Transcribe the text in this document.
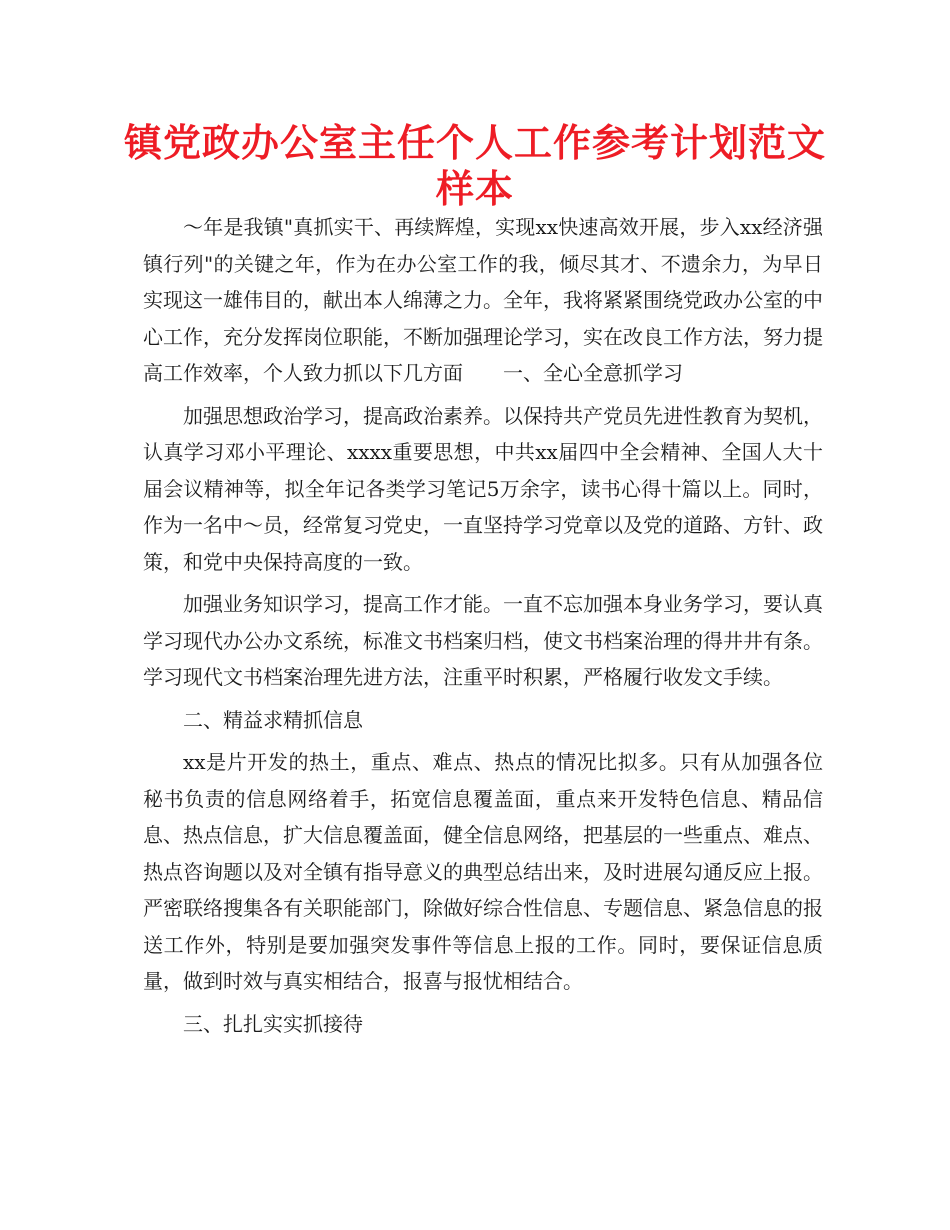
镇党政办公室主任个人工作参考计划范文样本

～年是我镇"真抓实干、再续辉煌，实现xx快速高效开展，步入xx经济强镇行列"的关键之年，作为在办公室工作的我，倾尽其才、不遗余力，为早日实现这一雄伟目的，献出本人绵薄之力。全年，我将紧紧围绕党政办公室的中心工作，充分发挥岗位职能，不断加强理论学习，实在改良工作方法，努力提高工作效率，个人致力抓以下几方面 一、全心全意抓学习

加强思想政治学习，提高政治素养。以保持共产党员先进性教育为契机，认真学习邓小平理论、xxxx重要思想，中共xx届四中全会精神、全国人大十届会议精神等，拟全年记各类学习笔记5万余字，读书心得十篇以上。同时，作为一名中～员，经常复习党史，一直坚持学习党章以及党的道路、方针、政策，和党中央保持高度的一致。

加强业务知识学习，提高工作才能。一直不忘加强本身业务学习，要认真学习现代办公办文系统，标准文书档案归档，使文书档案治理的得井井有条。学习现代文书档案治理先进方法，注重平时积累，严格履行收发文手续。

二、精益求精抓信息

xx是片开发的热土，重点、难点、热点的情况比拟多。只有从加强各位秘书负责的信息网络着手，拓宽信息覆盖面，重点来开发特色信息、精品信息、热点信息，扩大信息覆盖面，健全信息网络，把基层的一些重点、难点、热点咨询题以及对全镇有指导意义的典型总结出来，及时进展勾通反应上报。严密联络搜集各有关职能部门，除做好综合性信息、专题信息、紧急信息的报送工作外，特别是要加强突发事件等信息上报的工作。同时，要保证信息质量，做到时效与真实相结合，报喜与报忧相结合。

三、扎扎实实抓接待
